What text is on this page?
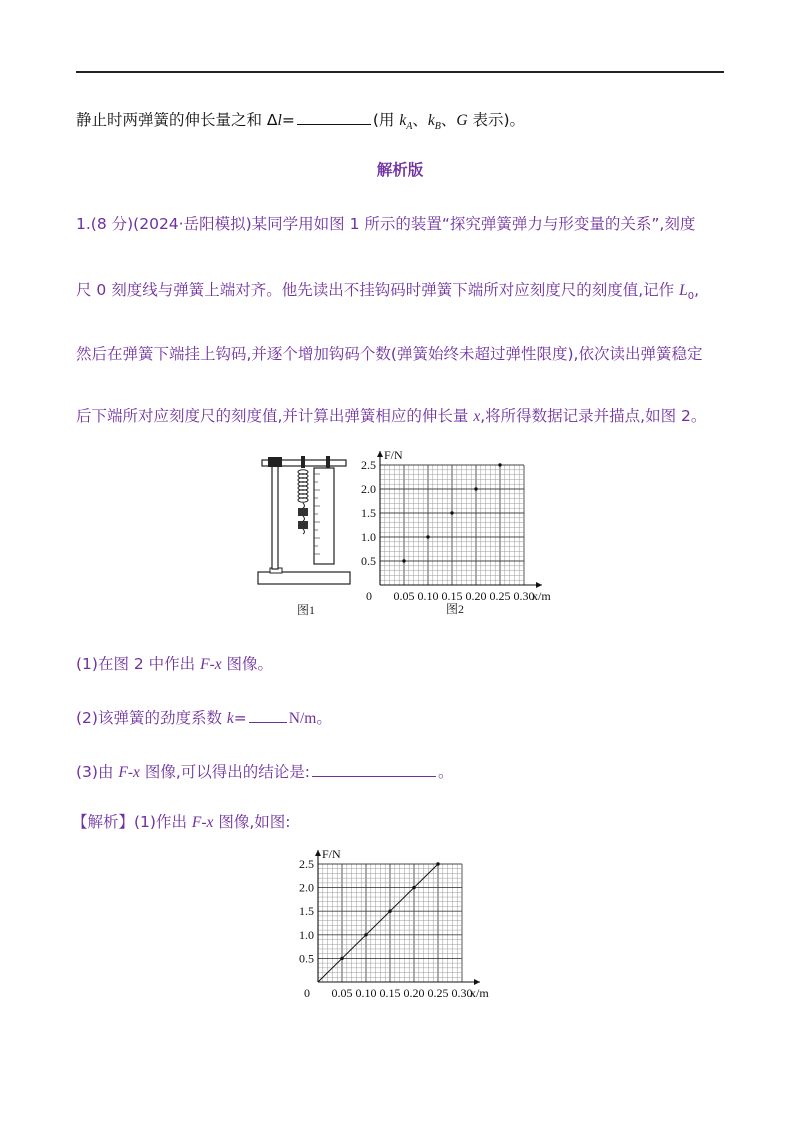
静止时两弹簧的伸长量之和 Δl=	(用 $k_A$、$k_B$、G 表示)。
解析版
1.(8 分)(2024·岳阳模拟)某同学用如图 1 所示的装置“探究弹簧弹力与形变量的关系”,刻度
尺 0 刻度线与弹簧上端对齐。他先读出不挂钩码时弹簧下端所对应刻度尺的刻度值,记作 $L_0$,
然后在弹簧下端挂上钩码,并逐个增加钩码个数(弹簧始终未超过弹性限度),依次读出弹簧稳定
后下端所对应刻度尺的刻度值,并计算出弹簧相应的伸长量 x,将所得数据记录并描点,如图 2。
图1
F/N
x/m
0
0.5
1.0
1.5
2.0
2.5
0.05 0.10 0.15 0.20 0.25 0.30
图2
(1)在图 2 中作出 F-x 图像。
(2)该弹簧的劲度系数 k=	N/m。
(3)由 F-x 图像,可以得出的结论是:	。
【解析】(1)作出 F-x 图像,如图:
F/N
x/m
0
0.5
1.0
1.5
2.0
2.5
0.05 0.10 0.15 0.20 0.25 0.30
